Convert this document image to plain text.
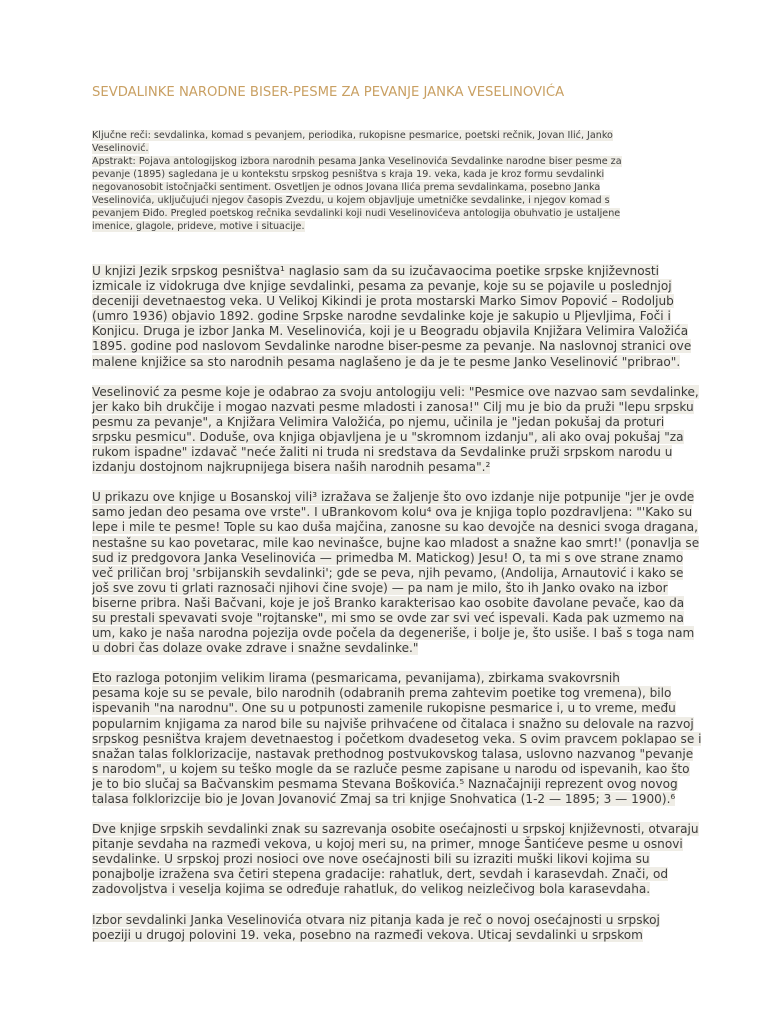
SEVDALINKE NARODNE BISER-PESME ZA PEVANJE JANKA VESELINOVIĆA
Ključne reči: sevdalinka, komad s pevanjem, periodika, rukopisne pesmarice, poetski rečnik, Jovan Ilić, Janko
Veselinović.
Apstrakt: Pojava antologijskog izbora narodnih pesama Janka Veselinovića Sevdalinke narodne biser pesme za
pevanje (1895) sagledana je u kontekstu srpskog pesništva s kraja 19. veka, kada je kroz formu sevdalinki
negovanosobit istočnjački sentiment. Osvetljen je odnos Jovana Ilića prema sevdalinkama, posebno Janka
Veselinovića, uključujući njegov časopis Zvezdu, u kojem objavljuje umetničke sevdalinke, i njegov komad s
pevanjem Điđo. Pregled poetskog rečnika sevdalinki koji nudi Veselinovićeva antologija obuhvatio je ustaljene
imenice, glagole, prideve, motive i situacije.
U knjizi Jezik srpskog pesništva¹ naglasio sam da su izučavaocima poetike srpske književnosti
izmicale iz vidokruga dve knjige sevdalinki, pesama za pevanje, koje su se pojavile u poslednjoj
deceniji devetnaestog veka. U Velikoj Kikindi je prota mostarski Marko Simov Popović – Rodoljub
(umro 1936) objavio 1892. godine Srpske narodne sevdalinke koje je sakupio u Pljevljima, Foči i
Konjicu. Druga je izbor Janka M. Veselinovića, koji je u Beogradu objavila Knjižara Velimira Valožića
1895. godine pod naslovom Sevdalinke narodne biser-pesme za pevanje. Na naslovnoj stranici ove
malene knjižice sa sto narodnih pesama naglašeno je da je te pesme Janko Veselinović "pribrao".
Veselinović za pesme koje je odabrao za svoju antologiju veli: "Pesmice ove nazvao sam sevdalinke,
jer kako bih drukčije i mogao nazvati pesme mladosti i zanosa!" Cilj mu je bio da pruži "lepu srpsku
pesmu za pevanje", a Knjižara Velimira Valožića, po njemu, učinila je "jedan pokušaj da proturi
srpsku pesmicu". Doduše, ova knjiga objavljena je u "skromnom izdanju", ali ako ovaj pokušaj "za
rukom ispadne" izdavač "neće žaliti ni truda ni sredstava da Sevdalinke pruži srpskom narodu u
izdanju dostojnom najkrupnijega bisera naših narodnih pesama".²
U prikazu ove knjige u Bosanskoj vili³ izražava se žaljenje što ovo izdanje nije potpunije "jer je ovde
samo jedan deo pesama ove vrste". I uBrankovom kolu⁴ ova je knjiga toplo pozdravljena: "'Kako su
lepe i mile te pesme! Tople su kao duša majčina, zanosne su kao devojče na desnici svoga dragana,
nestašne su kao povetarac, mile kao nevinašce, bujne kao mladost a snažne kao smrt!' (ponavlja se
sud iz predgovora Janka Veselinovića — primedba M. Matickog) Jesu! O, ta mi s ove strane znamo
več priličan broj 'srbijanskih sevdalinki'; gde se peva, njih pevamo, (Andolija, Arnautović i kako se
još sve zovu ti grlati raznosači njihovi čine svoje) — pa nam je milo, što ih Janko ovako na izbor
biserne pribra. Naši Bačvani, koje je još Branko karakterisao kao osobite đavolane pevače, kao da
su prestali spevavati svoje "rojtanske", mi smo se ovde zar svi već ispevali. Kada pak uzmemo na
um, kako je naša narodna pojezija ovde počela da degeneriše, i bolje je, što usiše. I baš s toga nam
u dobri čas dolaze ovake zdrave i snažne sevdalinke."
Eto razloga potonjim velikim lirama (pesmaricama, pevanijama), zbirkama svakovrsnih
pesama koje su se pevale, bilo narodnih (odabranih prema zahtevim poetike tog vremena), bilo
ispevanih "na narodnu". One su u potpunosti zamenile rukopisne pesmarice i, u to vreme, među
popularnim knjigama za narod bile su najviše prihvaćene od čitalaca i snažno su delovale na razvoj
srpskog pesništva krajem devetnaestog i početkom dvadesetog veka. S ovim pravcem poklapao se i
snažan talas folklorizacije, nastavak prethodnog postvukovskog talasa, uslovno nazvanog "pevanje
s narodom", u kojem su teško mogle da se razluče pesme zapisane u narodu od ispevanih, kao što
je to bio slučaj sa Bačvanskim pesmama Stevana Boškovića.⁵ Naznačajniji reprezent ovog novog
talasa folklorizcije bio je Jovan Jovanović Zmaj sa tri knjige Snohvatica (1-2 — 1895; 3 — 1900).⁶
Dve knjige srpskih sevdalinki znak su sazrevanja osobite osećajnosti u srpskoj književnosti, otvaraju
pitanje sevdaha na razmeđi vekova, u kojoj meri su, na primer, mnoge Šantićeve pesme u osnovi
sevdalinke. U srpskoj prozi nosioci ove nove osećajnosti bili su izraziti muški likovi kojima su
ponajbolje izražena sva četiri stepena gradacije: rahatluk, dert, sevdah i karasevdah. Znači, od
zadovoljstva i veselja kojima se određuje rahatluk, do velikog neizlečivog bola karasevdaha.
Izbor sevdalinki Janka Veselinovića otvara niz pitanja kada je reč o novoj osećajnosti u srpskoj
poeziji u drugoj polovini 19. veka, posebno na razmeđi vekova. Uticaj sevdalinki u srpskom
